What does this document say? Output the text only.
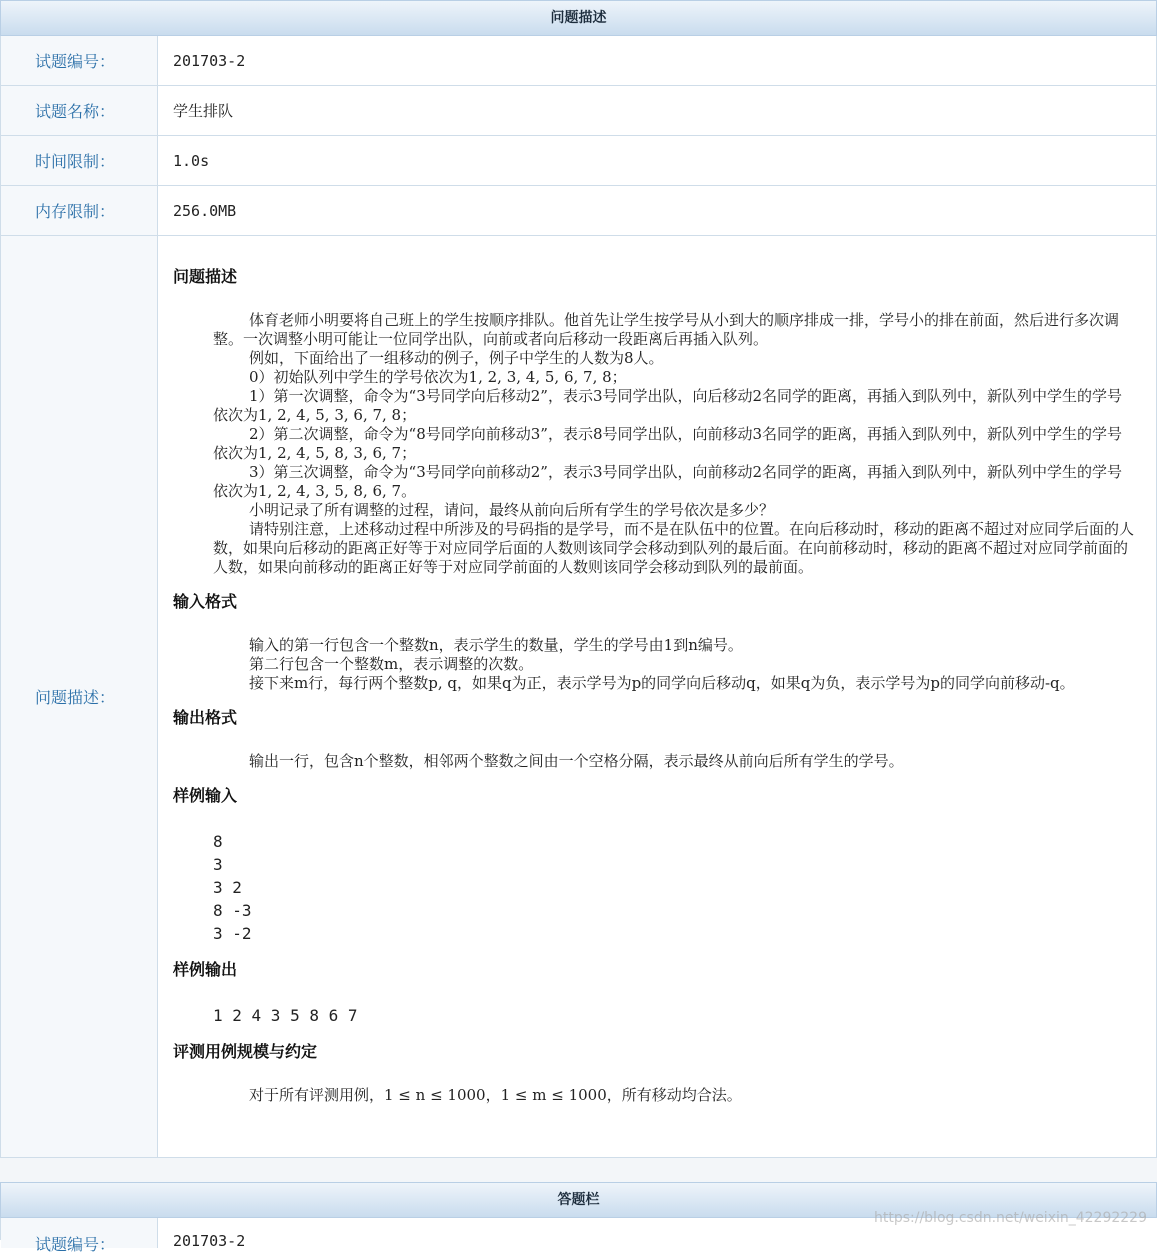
问题描述
试题编号：	201703-2
试题名称：	学生排队
时间限制：	1.0s
内存限制：	256.0MB
问题描述：
问题描述

体育老师小明要将自己班上的学生按顺序排队。他首先让学生按学号从小到大的顺序排成一排，学号小的排在前面，然后进行多次调整。一次调整小明可能让一位同学出队，向前或者向后移动一段距离后再插入队列。

例如，下面给出了一组移动的例子，例子中学生的人数为8人。

0）初始队列中学生的学号依次为1, 2, 3, 4, 5, 6, 7, 8；

1）第一次调整，命令为“3号同学向后移动2”，表示3号同学出队，向后移动2名同学的距离，再插入到队列中，新队列中学生的学号依次为1, 2, 4, 5, 3, 6, 7, 8；

2）第二次调整，命令为“8号同学向前移动3”，表示8号同学出队，向前移动3名同学的距离，再插入到队列中，新队列中学生的学号依次为1, 2, 4, 5, 8, 3, 6, 7；

3）第三次调整，命令为“3号同学向前移动2”，表示3号同学出队，向前移动2名同学的距离，再插入到队列中，新队列中学生的学号依次为1, 2, 4, 3, 5, 8, 6, 7。

小明记录了所有调整的过程，请问，最终从前向后所有学生的学号依次是多少？

请特别注意，上述移动过程中所涉及的号码指的是学号，而不是在队伍中的位置。在向后移动时，移动的距离不超过对应同学后面的人数，如果向后移动的距离正好等于对应同学后面的人数则该同学会移动到队列的最后面。在向前移动时，移动的距离不超过对应同学前面的人数，如果向前移动的距离正好等于对应同学前面的人数则该同学会移动到队列的最前面。

输入格式

输入的第一行包含一个整数n，表示学生的数量，学生的学号由1到n编号。

第二行包含一个整数m，表示调整的次数。

接下来m行，每行两个整数p, q，如果q为正，表示学号为p的同学向后移动q，如果q为负，表示学号为p的同学向前移动-q。

输出格式

输出一行，包含n个整数，相邻两个整数之间由一个空格分隔，表示最终从前向后所有学生的学号。

样例输入
8
3
3 2
8 -3
3 -2
样例输出
1 2 4 3 5 8 6 7
评测用例规模与约定

对于所有评测用例，1 ≤ n ≤ 1000，1 ≤ m ≤ 1000，所有移动均合法。

答题栏
试题编号：	201703-2
https://blog.csdn.net/weixin_42292229
